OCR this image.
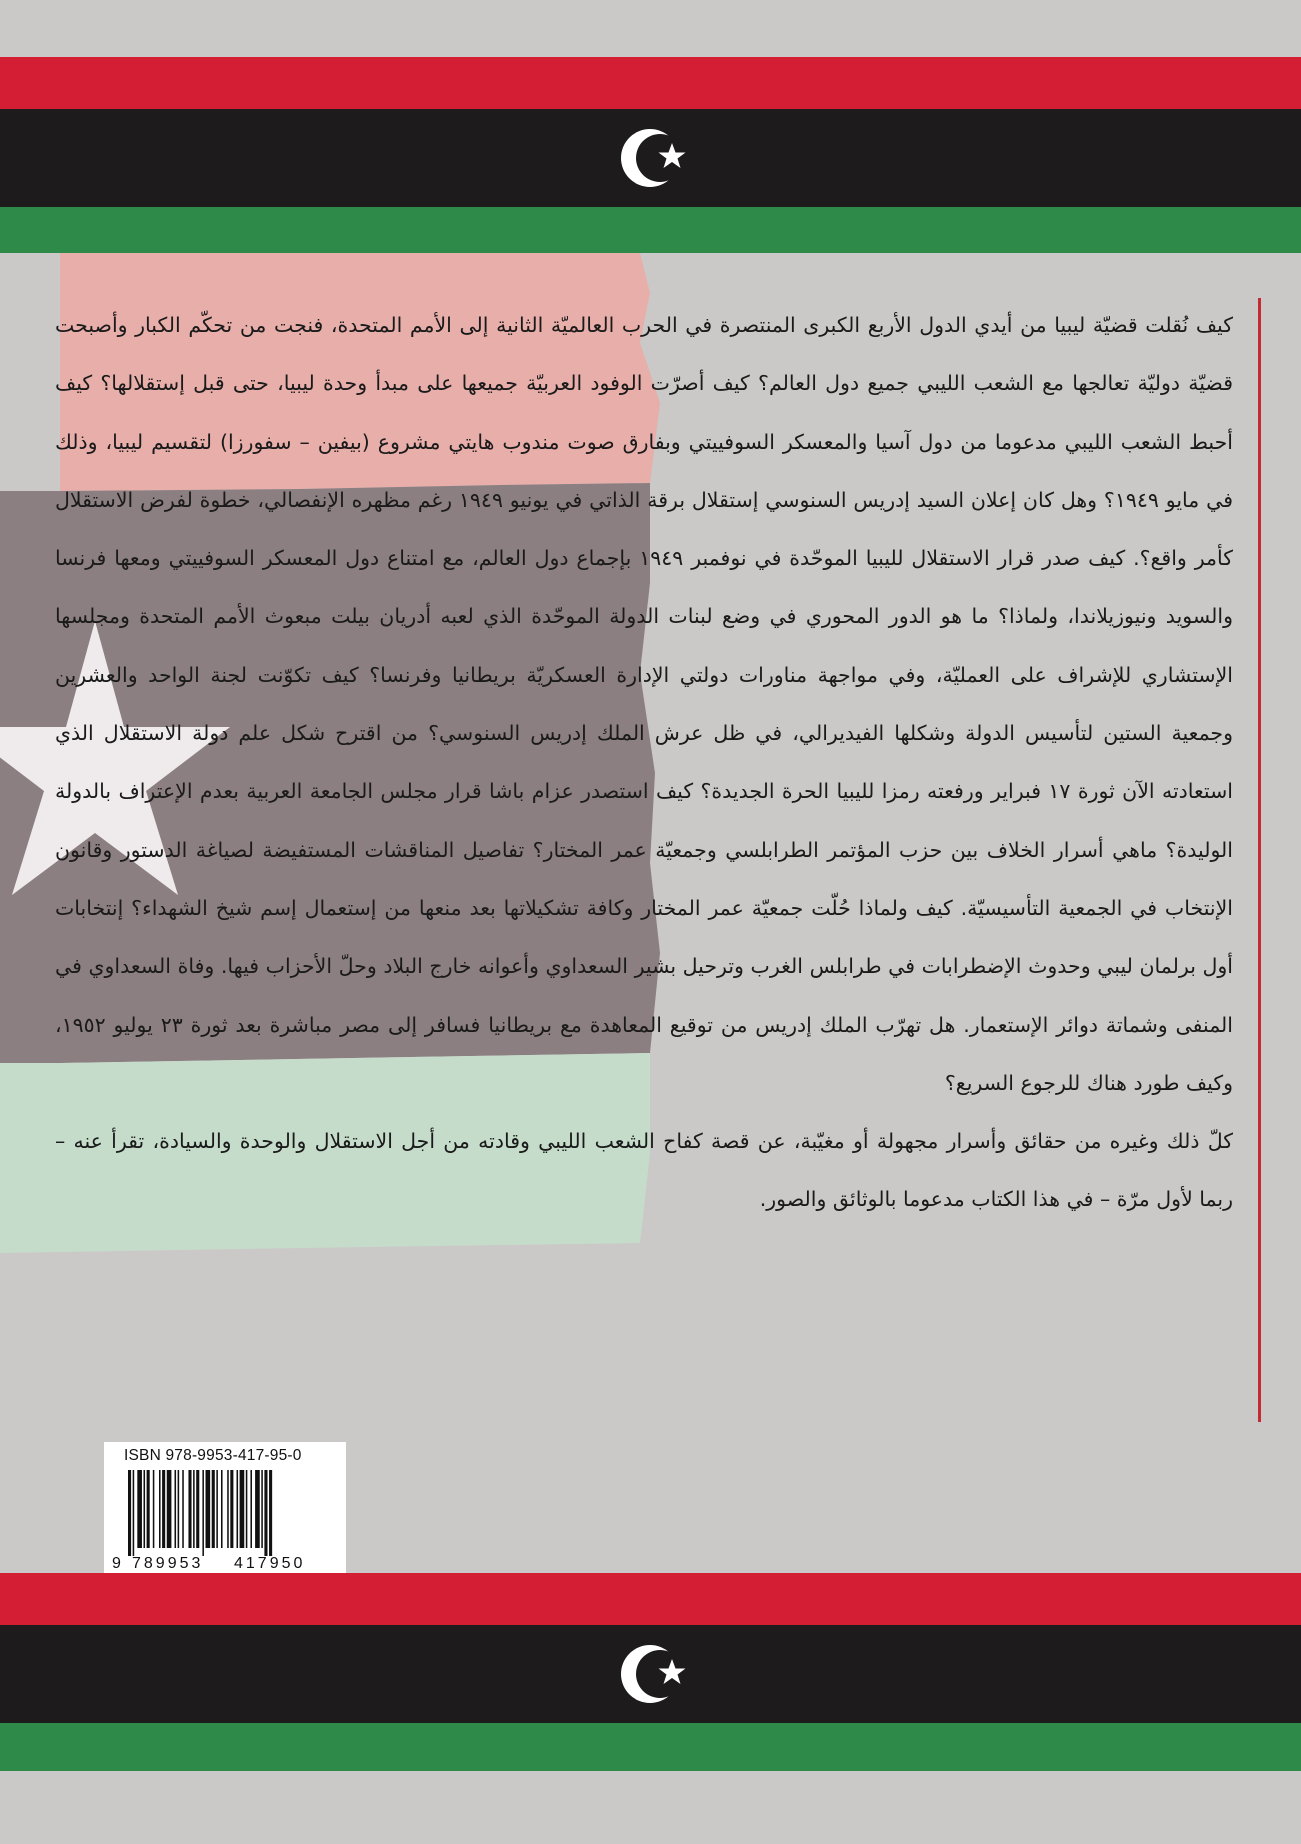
كيف نُقلت قضيّة ليبيا من أيدي الدول الأربع الكبرى المنتصرة في الحرب العالميّة الثانية إلى الأمم المتحدة، فنجت من تحكّم الكبار وأصبحت قضيّة دوليّة تعالجها مع الشعب الليبي جميع دول العالم؟ كيف أصرّت الوفود العربيّة جميعها على مبدأ وحدة ليبيا، حتى قبل إستقلالها؟ كيف أحبط الشعب الليبي مدعوما من دول آسيا والمعسكر السوفييتي وبفارق صوت مندوب هايتي مشروع (بيفين – سفورزا) لتقسيم ليبيا، وذلك في مايو ١٩٤٩؟ وهل كان إعلان السيد إدريس السنوسي إستقلال برقة الذاتي في يونيو ١٩٤٩ رغم مظهره الإنفصالي، خطوة لفرض الاستقلال كأمر واقع؟. كيف صدر قرار الاستقلال لليبيا الموحّدة في نوفمبر ١٩٤٩ بإجماع دول العالم، مع امتناع دول المعسكر السوفييتي ومعها فرنسا والسويد ونيوزيلاندا، ولماذا؟ ما هو الدور المحوري في وضع لبنات الدولة الموحّدة الذي لعبه أدريان بيلت مبعوث الأمم المتحدة ومجلسها الإستشاري للإشراف على العمليّة، وفي مواجهة مناورات دولتي الإدارة العسكريّة بريطانيا وفرنسا؟ كيف تكوّنت لجنة الواحد والعشرين وجمعية الستين لتأسيس الدولة وشكلها الفيديرالي، في ظل عرش الملك إدريس السنوسي؟ من اقترح شكل علم دولة الاستقلال الذي استعادته الآن ثورة ١٧ فبراير ورفعته رمزا لليبيا الحرة الجديدة؟ كيف استصدر عزام باشا قرار مجلس الجامعة العربية بعدم الإعتراف بالدولة الوليدة؟ ماهي أسرار الخلاف بين حزب المؤتمر الطرابلسي وجمعيّة عمر المختار؟ تفاصيل المناقشات المستفيضة لصياغة الدستور وقانون الإنتخاب في الجمعية التأسيسيّة. كيف ولماذا حُلّت جمعيّة عمر المختار وكافة تشكيلاتها بعد منعها من إستعمال إسم شيخ الشهداء؟ إنتخابات أول برلمان ليبي وحدوث الإضطرابات في طرابلس الغرب وترحيل بشير السعداوي وأعوانه خارج البلاد وحلّ الأحزاب فيها. وفاة السعداوي في المنفى وشماتة دوائر الإستعمار. هل تهرّب الملك إدريس من توقيع المعاهدة مع بريطانيا فسافر إلى مصر مباشرة بعد ثورة ٢٣ يوليو ١٩٥٢، وكيف طورد هناك للرجوع السريع؟

كلّ ذلك وغيره من حقائق وأسرار مجهولة أو مغيّبة، عن قصة كفاح الشعب الليبي وقادته من أجل الاستقلال والوحدة والسيادة، تقرأ عنه – ربما لأول مرّة – في هذا الكتاب مدعوما بالوثائق والصور.

ISBN 978-9953-417-95-0
9 789953 417950
